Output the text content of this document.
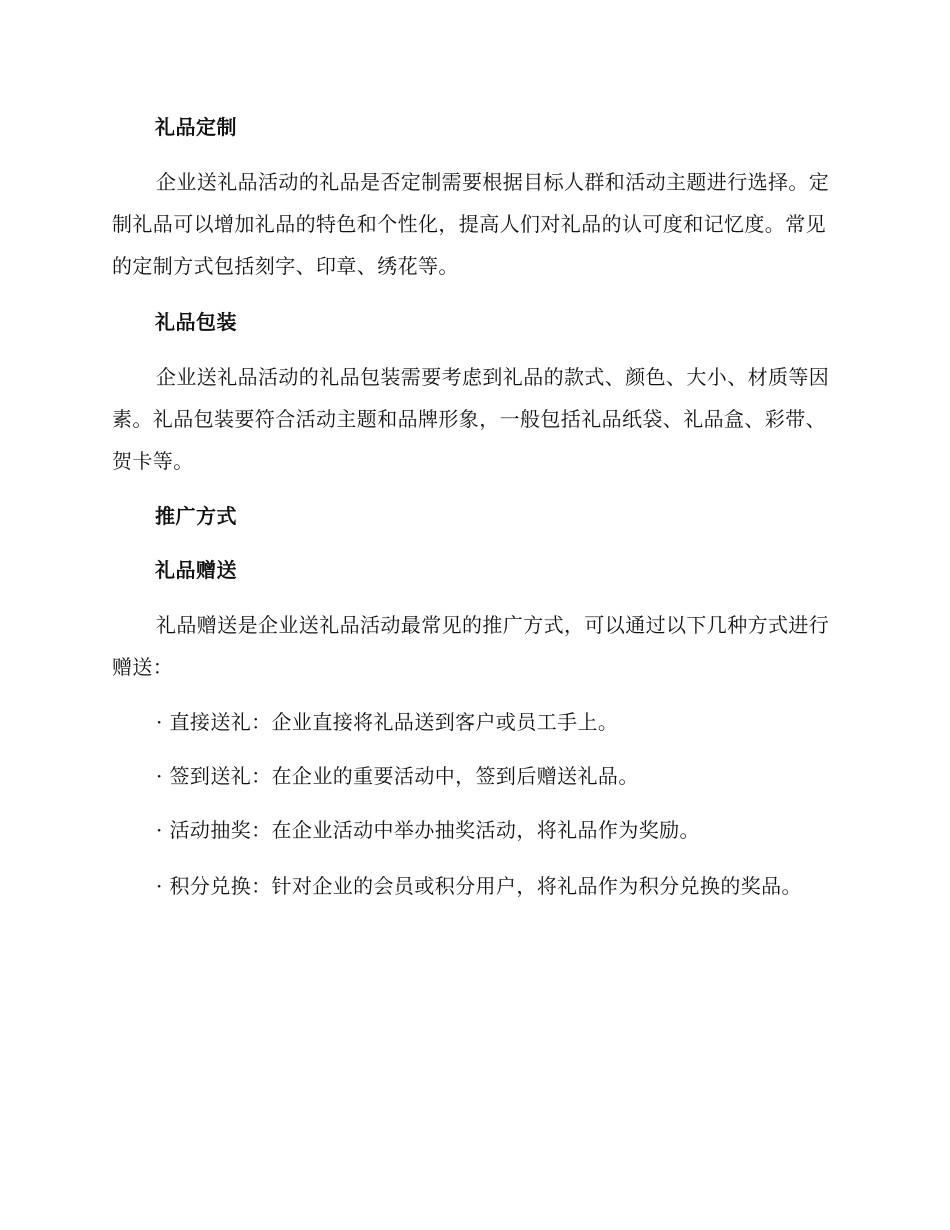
礼品定制
企业送礼品活动的礼品是否定制需要根据目标人群和活动主题进行选择。定制礼品可以增加礼品的特色和个性化，提高人们对礼品的认可度和记忆度。常见的定制方式包括刻字、印章、绣花等。
礼品包装
企业送礼品活动的礼品包装需要考虑到礼品的款式、颜色、大小、材质等因素。礼品包装要符合活动主题和品牌形象，一般包括礼品纸袋、礼品盒、彩带、贺卡等。
推广方式
礼品赠送
礼品赠送是企业送礼品活动最常见的推广方式，可以通过以下几种方式进行赠送：
· 直接送礼：企业直接将礼品送到客户或员工手上。
· 签到送礼：在企业的重要活动中，签到后赠送礼品。
· 活动抽奖：在企业活动中举办抽奖活动，将礼品作为奖励。
· 积分兑换：针对企业的会员或积分用户，将礼品作为积分兑换的奖品。
